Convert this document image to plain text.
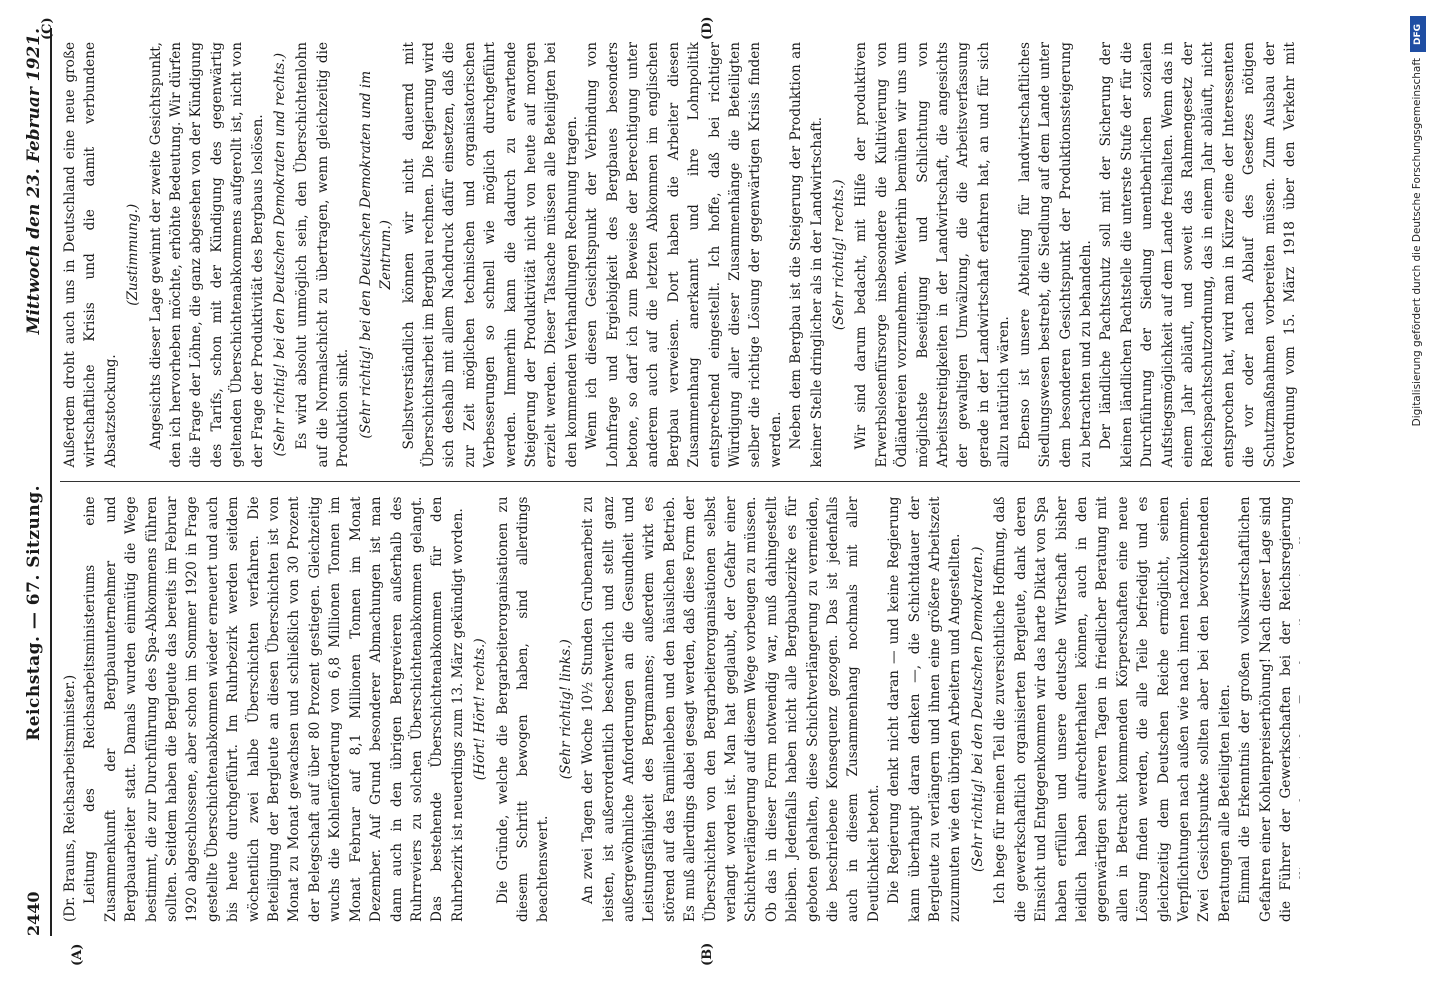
2440
Reichstag. — 67. Sitzung.
Mittwoch den 23. Februar 1921.

(Dr. Brauns, Reichsarbeitsminister.) Leitung des Reichsarbeitsministeriums eine Zusammenkunft der Bergbauunternehmer und Bergbauarbeiter statt. Damals wurden einmütig die Wege bestimmt, die zur Durchführung des Spa-Abkommens führen sollten. Seitdem haben die Bergleute das bereits im Februar 1920 abgeschlossene, aber schon im Sommer 1920 in Frage gestellte Überschichtenabkommen wieder erneuert und auch bis heute durchgeführt. Im Ruhrbezirk werden seitdem wöchentlich zwei halbe Überschichten verfahren. Die Beteiligung der Bergleute an diesen Überschichten ist von Monat zu Monat gewachsen und schließlich von 30 Prozent der Belegschaft auf über 80 Prozent gestiegen. Gleichzeitig wuchs die Kohlenförderung von 6,8 Millionen Tonnen im Monat Februar auf 8,1 Millionen Tonnen im Monat Dezember. Auf Grund besonderer Abmachungen ist man dann auch in den übrigen Bergrevieren außerhalb des Ruhrreviers zu solchen Überschichtenabkommen gelangt. Das bestehende Überschichtenabkommen für den Ruhrbezirk ist neuerdings zum 13. März gekündigt worden. (Hört! Hört! rechts.) Die Gründe, welche die Bergarbeiterorganisationen zu diesem Schritt bewogen haben, sind allerdings beachtenswert.

(Sehr richtig! links.) An zwei Tagen der Woche 10½ Stunden Grubenarbeit zu leisten, ist außerordentlich beschwerlich und stellt ganz außergewöhnliche Anforderungen an die Gesundheit und Leistungsfähigkeit des Bergmannes; außerdem wirkt es störend auf das Familienleben und den häuslichen Betrieb. Es muß allerdings dabei gesagt werden, daß diese Form der Überschichten von den Bergarbeiterorganisationen selbst verlangt worden ist. Man hat geglaubt, der Gefahr einer Schichtverlängerung auf diesem Wege vorbeugen zu müssen. Ob das in dieser Form notwendig war, muß dahingestellt bleiben. Jedenfalls haben nicht alle Bergbaubezirke es für geboten gehalten, diese Schichtverlängerung zu vermeiden, die beschriebene Konsequenz gezogen. Das ist jedenfalls auch in diesem Zusammenhang nochmals mit aller Deutlichkeit betont. Die Regierung denkt nicht daran — und keine Regierung kann überhaupt daran denken —, die Schichtdauer der Bergleute zu verlängern und ihnen eine größere Arbeitszeit zuzumuten wie den übrigen Arbeitern und Angestellten. (Sehr richtig! bei den Deutschen Demokraten.) Ich hege für meinen Teil die zuversichtliche Hoffnung, daß die gewerkschaftlich organisierten Bergleute, dank deren Einsicht und Entgegenkommen wir das harte Diktat von Spa haben erfüllen und unsere deutsche Wirtschaft bisher leidlich haben aufrechterhalten können, auch in den gegenwärtigen schweren Tagen in friedlicher Beratung mit allen in Betracht kommenden Körperschaften eine neue Lösung finden werden, die alle Teile befriedigt und es gleichzeitig dem Deutschen Reiche ermöglicht, seinen Verpflichtungen nach außen wie nach innen nachzukommen. Zwei Gesichtspunkte sollten aber bei den bevorstehenden Beratungen alle Beteiligten leiten. Einmal die Erkenntnis der großen volkswirtschaftlichen Gefahren einer Kohlenpreiserhöhung! Nach dieser Lage sind die Führer der Gewerkschaften bei der Reichsregierung

Außerdem droht auch uns in Deutschland eine neue große wirtschaftliche Krisis und die damit verbundene Absatzstockung.

(Zustimmung.) Angesichts dieser Lage gewinnt der zweite Gesichtspunkt, den ich hervorheben möchte, erhöhte Bedeutung. Wir dürfen die Frage der Löhne, die ganz abgesehen von der Kündigung des Tarifs, schon mit der Kündigung des gegenwärtig geltenden Überschichtenabkommens aufgerollt ist, nicht von der Frage der Produktivität des Bergbaus loslösen. (Sehr richtig! bei den Deutschen Demokraten und rechts.) Es wird absolut unmöglich sein, den Überschichtenlohn auf die Normalschicht zu übertragen, wenn gleichzeitig die Produktion sinkt. (Sehr richtig! bei den Deutschen Demokraten und im Zentrum.) Selbstverständlich können wir nicht dauernd mit Überschichtsarbeit im Bergbau rechnen. Die Regierung wird sich deshalb mit allem Nachdruck dafür einsetzen, daß die zur Zeit möglichen technischen und organisatorischen Verbesserungen so schnell wie möglich durchgeführt werden. Immerhin kann die dadurch zu erwartende Steigerung der Produktivität nicht von heute auf morgen erzielt werden. Dieser Tatsache müssen alle Beteiligten bei den kommenden Verhandlungen Rechnung tragen. Wenn ich diesen Gesichtspunkt der Verbindung von Lohnfrage und Ergiebigkeit des Bergbaues besonders betone, so darf ich zum Beweise der Berechtigung unter anderem auch auf die letzten Abkommen im englischen Bergbau verweisen. Dort haben die Arbeiter diesen Zusammenhang anerkannt und ihre Lohnpolitik entsprechend eingestellt. Ich hoffe, daß bei richtiger Würdigung aller dieser Zusammenhänge die Beteiligten selber die richtige Lösung der gegenwärtigen Krisis finden werden. Neben dem Bergbau ist die Steigerung der Produktion an keiner Stelle dringlicher als in der Landwirtschaft. (Sehr richtig! rechts.) Wir sind darum bedacht, mit Hilfe der produktiven Erwerbslosenfürsorge insbesondere die Kultivierung von Ödländereien vorzunehmen. Weiterhin bemühen wir uns um möglichste Beseitigung und Schlichtung von Arbeitsstreitigkeiten in der Landwirtschaft, die angesichts der gewaltigen Umwälzung, die die Arbeitsverfassung gerade in der Landwirtschaft erfahren hat, an und für sich allzu natürlich wären. Ebenso ist unsere Abteilung für landwirtschaftliches Siedlungswesen bestrebt, die Siedlung auf dem Lande unter dem besonderen Gesichtspunkt der Produktionssteigerung zu betrachten und zu behandeln. Der ländliche Pachtschutz soll mit der Sicherung der kleinen ländlichen Pachtstelle die unterste Stufe der für die Durchführung der Siedlung unentbehrlichen sozialen Aufstiegsmöglichkeit auf dem Lande freihalten. Wenn das in einem Jahr abläuft, und soweit das Rahmengesetz der Reichspachtschutzordnung, das in einem Jahr abläuft, nicht entsprochen hat, wird man in Kürze eine der Interessenten die vor oder nach Ablauf des Gesetzes nötigen Schutzmaßnahmen vorbereiten müssen. Zum Ausbau der Verordnung vom 15. März 1918 über den Verkehr mit

(A)	(B)
(C)	(D)	DFG
Digitalisierung gefördert durch die Deutsche Forschungsgemeinschaft
